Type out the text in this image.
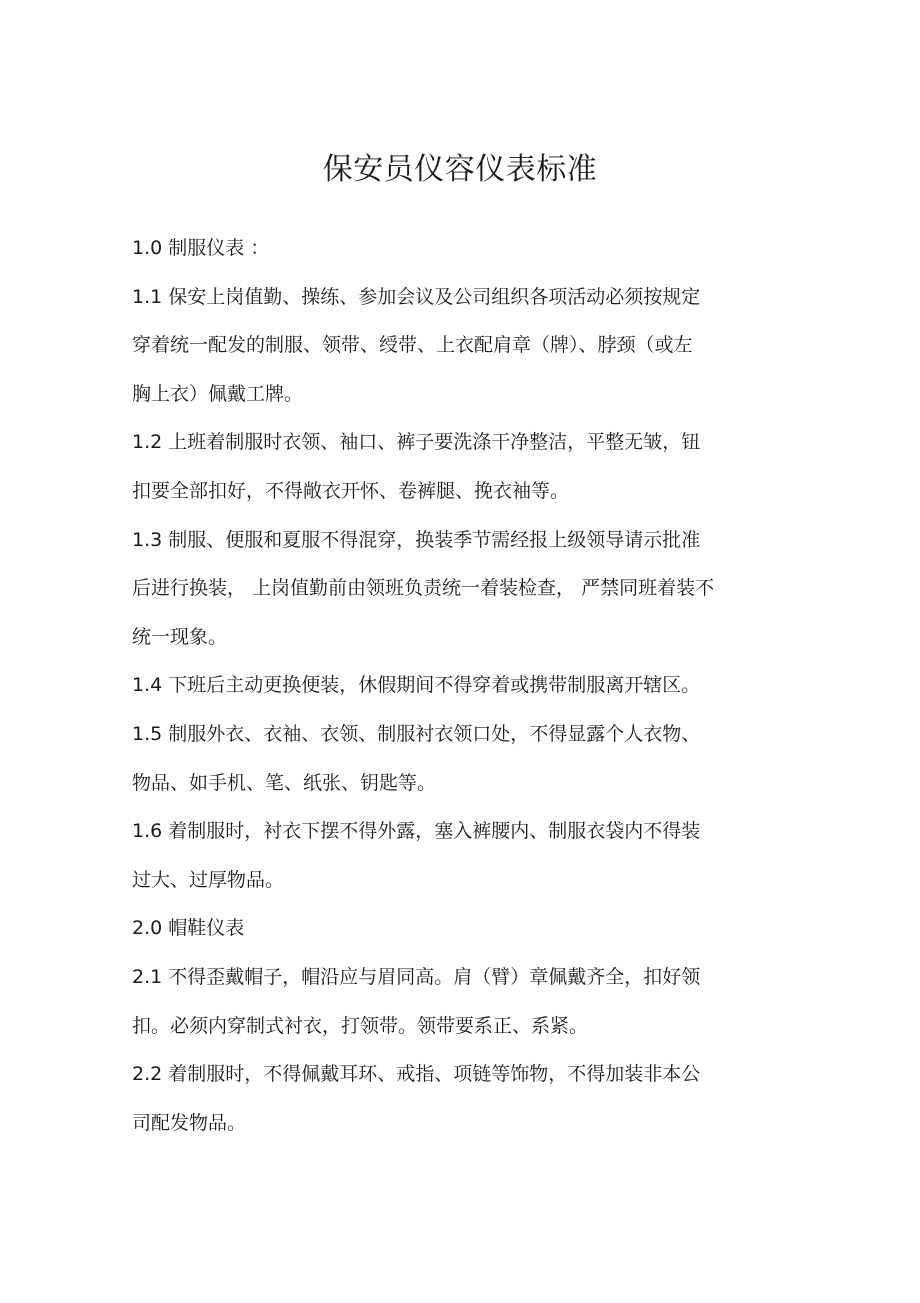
保安员仪容仪表标准
1.0 制服仪表 ：
1.1 保安上岗值勤、操练、参加会议及公司组织各项活动必须按规定
穿着统一配发的制服、领带、绶带、上衣配肩章（牌）、脖颈（或左
胸上衣）佩戴工牌。
1.2 上班着制服时衣领、袖口、裤子要洗涤干净整洁，平整无皱，钮
扣要全部扣好，不得敞衣开怀、卷裤腿、挽衣袖等。
1.3 制服、便服和夏服不得混穿，换装季节需经报上级领导请示批准
后进行换装， 上岗值勤前由领班负责统一着装检查， 严禁同班着装不
统一现象。
1.4 下班后主动更换便装，休假期间不得穿着或携带制服离开辖区。
1.5 制服外衣、衣袖、衣领、制服衬衣领口处，不得显露个人衣物、
物品、如手机、笔、纸张、钥匙等。
1.6 着制服时，衬衣下摆不得外露，塞入裤腰内、制服衣袋内不得装
过大、过厚物品。
2.0 帽鞋仪表
2.1 不得歪戴帽子，帽沿应与眉同高。肩（臂）章佩戴齐全，扣好领
扣。必须内穿制式衬衣，打领带。领带要系正、系紧。
2.2 着制服时，不得佩戴耳环、戒指、项链等饰物，不得加装非本公
司配发物品。
